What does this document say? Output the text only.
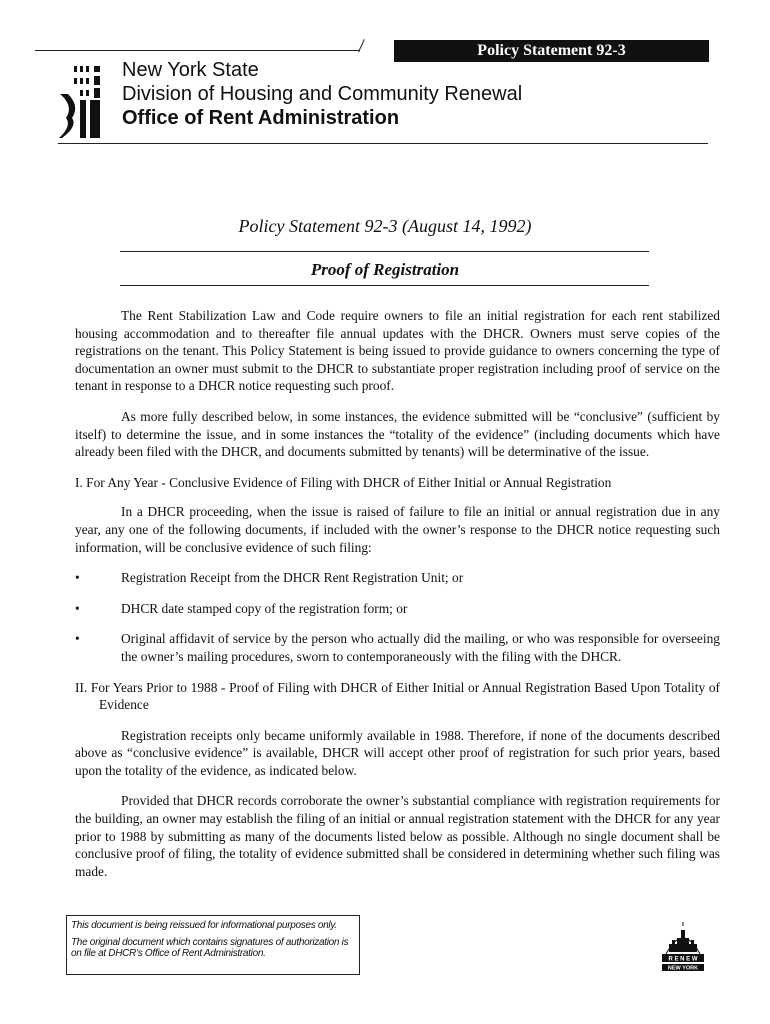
Policy Statement 92-3
New York State
Division of Housing and Community Renewal
Office of Rent Administration
Policy Statement 92-3 (August 14, 1992)
Proof of Registration

The Rent Stabilization Law and Code require owners to file an initial registration for each rent stabilized housing accommodation and to thereafter file annual updates with the DHCR. Owners must serve copies of the registrations on the tenant. This Policy Statement is being issued to provide guidance to owners concerning the type of documentation an owner must submit to the DHCR to substantiate proper registration including proof of service on the tenant in response to a DHCR notice requesting such proof.

As more fully described below, in some instances, the evidence submitted will be “conclusive” (sufficient by itself) to determine the issue, and in some instances the “totality of the evidence” (including documents which have already been filed with the DHCR, and documents submitted by tenants) will be determinative of the issue.

I. For Any Year - Conclusive Evidence of Filing with DHCR of Either Initial or Annual Registration

In a DHCR proceeding, when the issue is raised of failure to file an initial or annual registration due in any year, any one of the following documents, if included with the owner’s response to the DHCR notice requesting such information, will be conclusive evidence of such filing:

•	Registration Receipt from the DHCR Rent Registration Unit; or
•	DHCR date stamped copy of the registration form; or
•	Original affidavit of service by the person who actually did the mailing, or who was responsible for overseeing the owner’s mailing procedures, sworn to contemporaneously with the filing with the DHCR.

II. For Years Prior to 1988 - Proof of Filing with DHCR of Either Initial or Annual Registration Based Upon Totality of Evidence

Registration receipts only became uniformly available in 1988. Therefore, if none of the documents described above as “conclusive evidence” is available, DHCR will accept other proof of registration for such prior years, based upon the totality of the evidence, as indicated below.

Provided that DHCR records corroborate the owner’s substantial compliance with registration requirements for the building, an owner may establish the filing of an initial or annual registration statement with the DHCR for any year prior to 1988 by submitting as many of the documents listed below as possible. Although no single document shall be conclusive proof of filing, the totality of evidence submitted shall be considered in determining whether such filing was made.

This document is being reissued for informational purposes only.
The original document which contains signatures of authorization is on file at DHCR’s Office of Rent Administration.
R E N E W
NEW YORK
